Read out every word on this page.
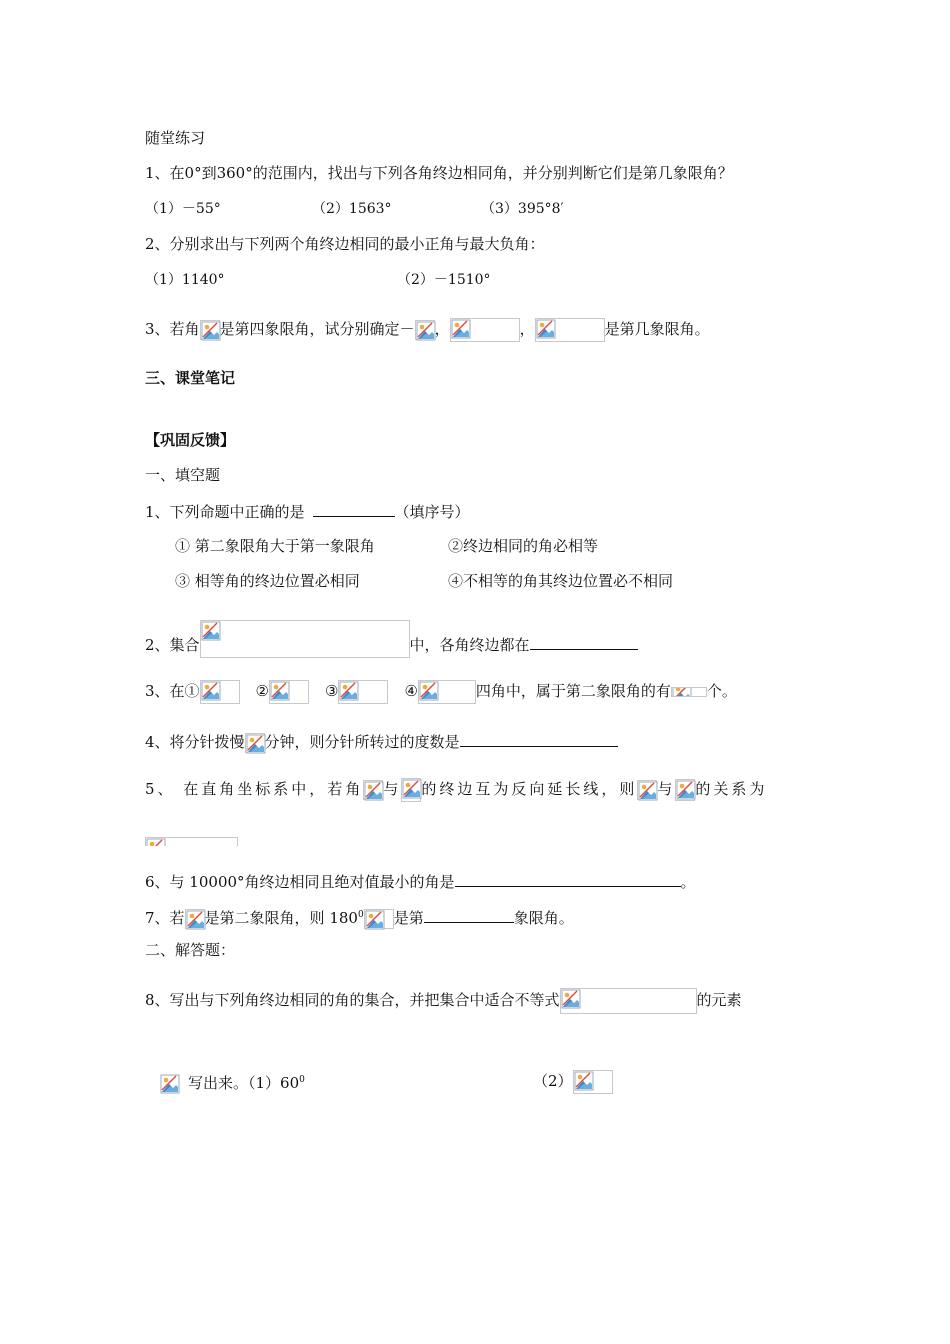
随堂练习
1、在0°到360°的范围内，找出与下列各角终边相同角，并分别判断它们是第几象限角？
（1）－55°	（2）1563°	（3）395°8′
2、分别求出与下列两个角终边相同的最小正角与最大负角：
（1）1140°	（2）－1510°
3、若角 是第四象限角，试分别确定－ ，	，	是第几象限角。
三、课堂笔记
【巩固反馈】
一、填空题
1、下列命题中正确的是	（填序号）
① 第二象限角大于第一象限角	②终边相同的角必相等
③ 相等角的终边位置必相同	④不相等的角其终边位置必不相同
2、集合	中，各角终边都在
3、在①	②	③	④	四角中，属于第二象限角的有 个。
4、将分针拨慢 分钟，则分针所转过的度数是
5、 在直角坐标系中，若角 与 的终边互为反向延长线，则 与 的关系为
6、与 10000°角终边相同且绝对值最小的角是	。
7、若 是第二象限角，则 $180^0$ 是第	象限角。
二、解答题：
8、写出与下列角终边相同的角的集合，并把集合中适合不等式	的元素
写出来。$(1)60^0$	（2）
